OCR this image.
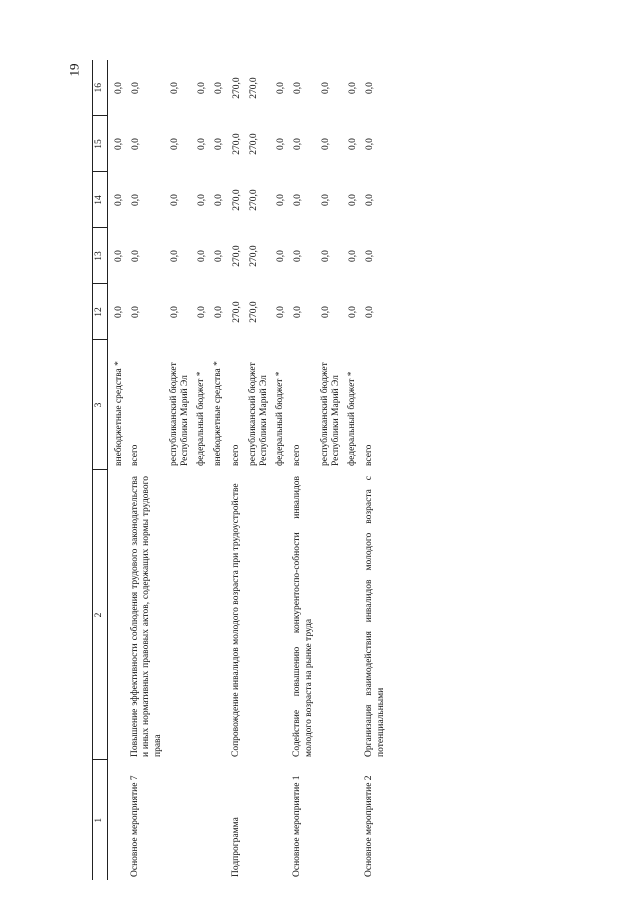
19
1	2	3	12	13	14	15	16
		внебюджетные средства *	0,0	0,0	0,0	0,0	0,0
Основное мероприятие 7	Повышение эффективности соблюдения трудового законодательства и иных нормативных правовых актов, содержащих нормы трудового права	всего	0,0	0,0	0,0	0,0	0,0
		республиканский бюджет Республики Марий Эл	0,0	0,0	0,0	0,0	0,0
		федеральный бюджет *	0,0	0,0	0,0	0,0	0,0
		внебюджетные средства *	0,0	0,0	0,0	0,0	0,0
Подпрограмма	Сопровождение инвалидов молодого возраста при трудоустройстве	всего	270,0	270,0	270,0	270,0	270,0
		республиканский бюджет Республики Марий Эл	270,0	270,0	270,0	270,0	270,0
		федеральный бюджет *	0,0	0,0	0,0	0,0	0,0
Основное мероприятие 1	Содействие повышению конкурентоспо-собности инвалидов молодого возраста на рынке труда	всего	0,0	0,0	0,0	0,0	0,0
		республиканский бюджет Республики Марий Эл	0,0	0,0	0,0	0,0	0,0
		федеральный бюджет *	0,0	0,0	0,0	0,0	0,0
Основное мероприятие 2	Организация взаимодействия инвалидов молодого возраста с потенциальными	всего	0,0	0,0	0,0	0,0	0,0
